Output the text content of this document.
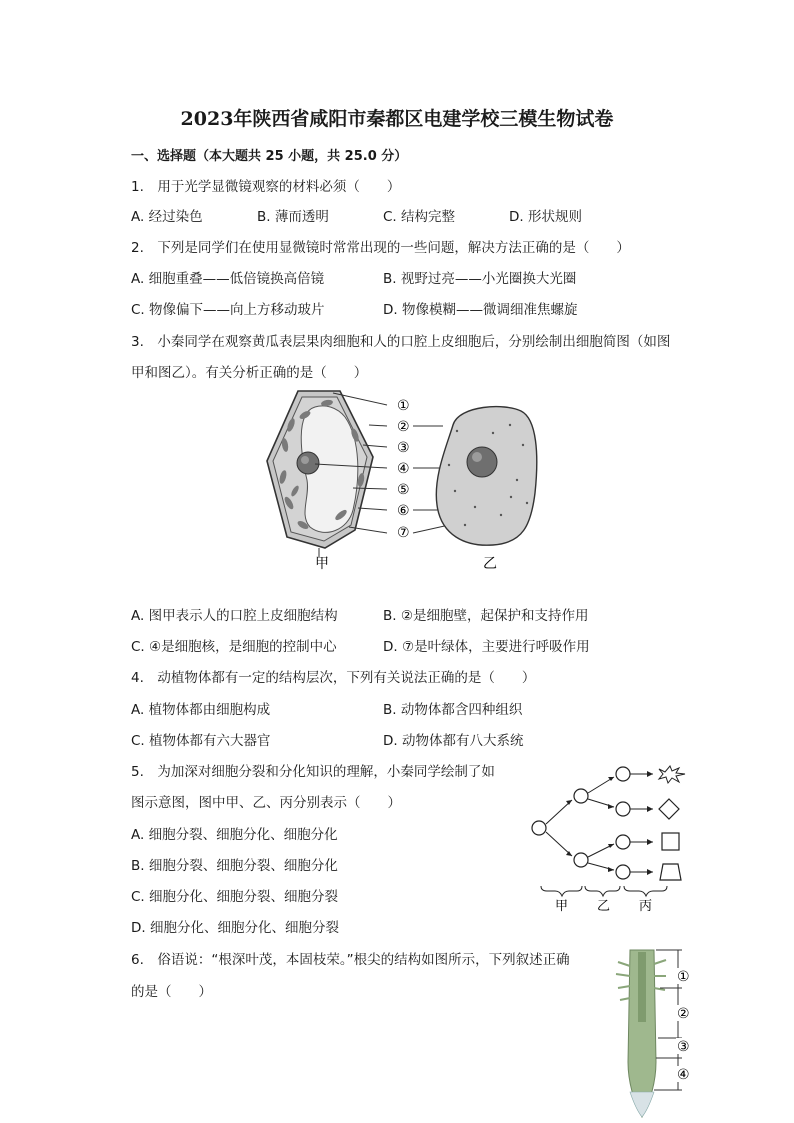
2023年陕西省咸阳市秦都区电建学校三模生物试卷
一、选择题（本大题共 25 小题，共 25.0 分）
1.　用于光学显微镜观察的材料必须（　　）
A. 经过染色	B. 薄而透明	C. 结构完整	D. 形状规则
2.　下列是同学们在使用显微镜时常常出现的一些问题，解决方法正确的是（　　）
A. 细胞重叠——低倍镜换高倍镜	B. 视野过亮——小光圈换大光圈
C. 物像偏下——向上方移动玻片	D. 物像模糊——微调细准焦螺旋
3.　小秦同学在观察黄瓜表层果肉细胞和人的口腔上皮细胞后，分别绘制出细胞简图（如图
甲和图乙）。有关分析正确的是（　　）
①
②
③
④
⑤
⑥
⑦
甲	乙
A. 图甲表示人的口腔上皮细胞结构	B. ②是细胞壁，起保护和支持作用
C. ④是细胞核，是细胞的控制中心	D. ⑦是叶绿体，主要进行呼吸作用
4.　动植物体都有一定的结构层次，下列有关说法正确的是（　　）
A. 植物体都由细胞构成	B. 动物体都含四种组织
C. 植物体都有六大器官	D. 动物体都有八大系统
5.　为加深对细胞分裂和分化知识的理解，小秦同学绘制了如
图示意图，图中甲、乙、丙分别表示（　　）
A. 细胞分裂、细胞分化、细胞分化
B. 细胞分裂、细胞分裂、细胞分化
C. 细胞分化、细胞分裂、细胞分裂
D. 细胞分化、细胞分化、细胞分裂
甲 乙 丙
6.　俗语说：“根深叶茂，本固枝荣。”根尖的结构如图所示，下列叙述正确
的是（　　）
①
②
③
④
